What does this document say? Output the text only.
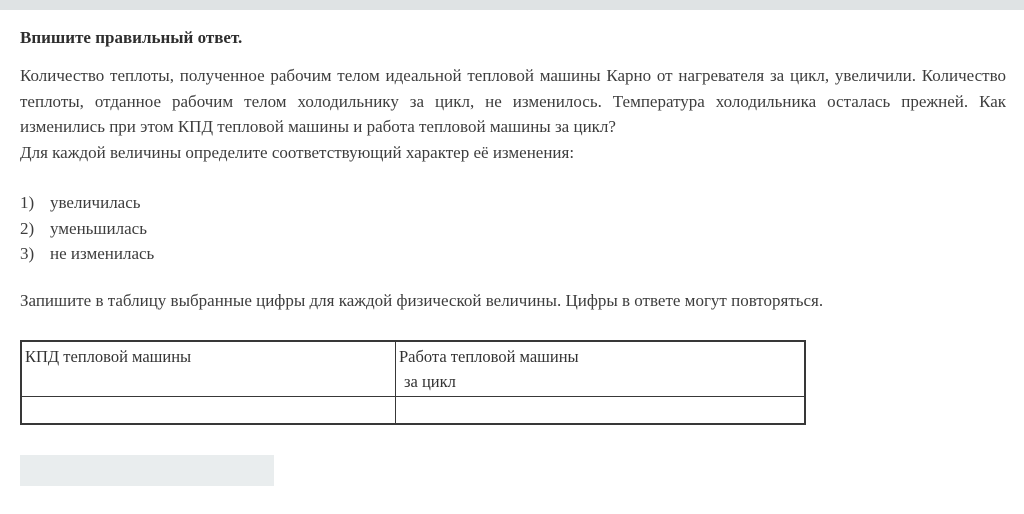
Впишите правильный ответ.

Количество теплоты, полученное рабочим телом идеальной тепловой машины Карно от нагревателя за цикл, увеличили. Количество теплоты, отданное рабочим телом холодильнику за цикл, не изменилось. Температура холодильника осталась прежней. Как изменились при этом КПД тепловой машины и работа тепловой машины за цикл?

Для каждой величины определите соответствующий характер её изменения:

1) увеличилась
2) уменьшилась
3) не изменилась
Запишите в таблицу выбранные цифры для каждой физической величины. Цифры в ответе могут повторяться.
КПД тепловой машины	Работа тепловой машины
за цикл
